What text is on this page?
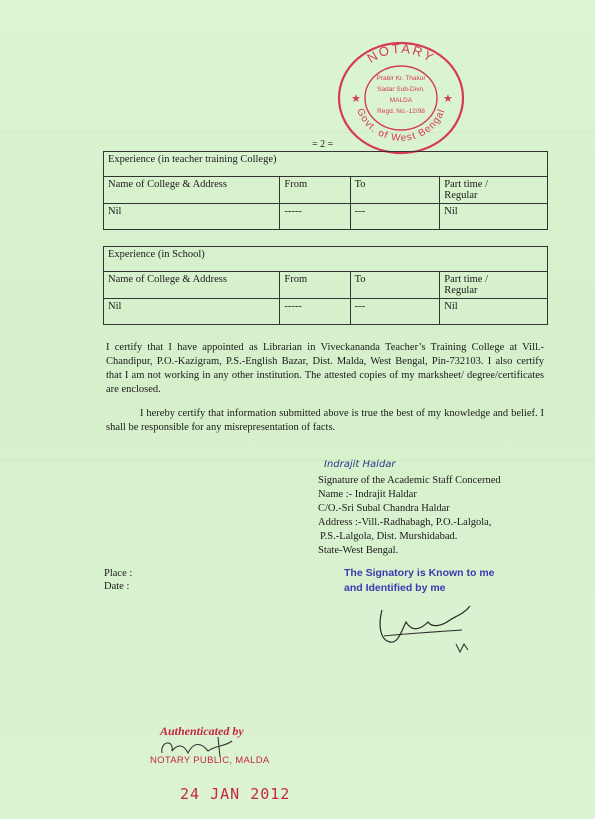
NOTARY
Govt. of West Bengal
★	★
Prabir Kr. Thakur
Sadar Sub-Divn.
MALDA
Regd. No.-12/98
= 2 =
Experience (in teacher training College)			
Name of College & Address	From	To	Part time /
Regular
Nil	-----	---	Nil
Experience (in School)			
Name of College & Address	From	To	Part time /
Regular
Nil	-----	---	Nil
I certify that I have appointed as Librarian in Viveckananda Teacher’s Training College at Vill.-Chandipur, P.O.-Kazigram, P.S.-English Bazar, Dist. Malda, West Bengal, Pin-732103. I also certify that I am not working in any other institution. The attested copies of my marksheet/ degree/certificates are enclosed.
I hereby certify that information submitted above is true the best of my knowledge and belief. I shall be responsible for any misrepresentation of facts.
Indrajit Haldar
Signature of the Academic Staff Concerned
Name :- Indrajit Haldar
C/O.-Sri Subal Chandra Haldar
Address :-Vill.-Radhabagh, P.O.-Lalgola,
P.S.-Lalgola, Dist. Murshidabad.
State-West Bengal.
Place :
Date :
The Signatory is Known to me
and Identified by me
Authenticated by
NOTARY PUBLIC, MALDA
24 JAN 2012
